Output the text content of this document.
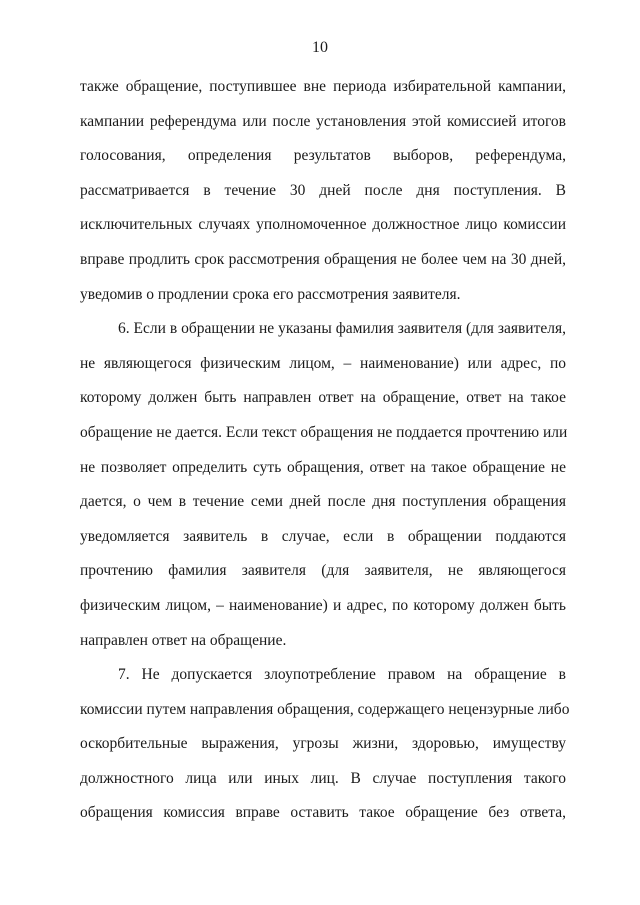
10
также обращение, поступившее вне периода избирательной кампании,
кампании референдума или после установления этой комиссией итогов
голосования, определения результатов выборов, референдума,
рассматривается в течение 30 дней после дня поступления. В
исключительных случаях уполномоченное должностное лицо комиссии
вправе продлить срок рассмотрения обращения не более чем на 30 дней,
уведомив о продлении срока его рассмотрения заявителя.
6. Если в обращении не указаны фамилия заявителя (для заявителя,
не являющегося физическим лицом, – наименование) или адрес, по
которому должен быть направлен ответ на обращение, ответ на такое
обращение не дается. Если текст обращения не поддается прочтению или
не позволяет определить суть обращения, ответ на такое обращение не
дается, о чем в течение семи дней после дня поступления обращения
уведомляется заявитель в случае, если в обращении поддаются
прочтению фамилия заявителя (для заявителя, не являющегося
физическим лицом, – наименование) и адрес, по которому должен быть
направлен ответ на обращение.
7. Не допускается злоупотребление правом на обращение в
комиссии путем направления обращения, содержащего нецензурные либо
оскорбительные выражения, угрозы жизни, здоровью, имуществу
должностного лица или иных лиц. В случае поступления такого
обращения комиссия вправе оставить такое обращение без ответа,
